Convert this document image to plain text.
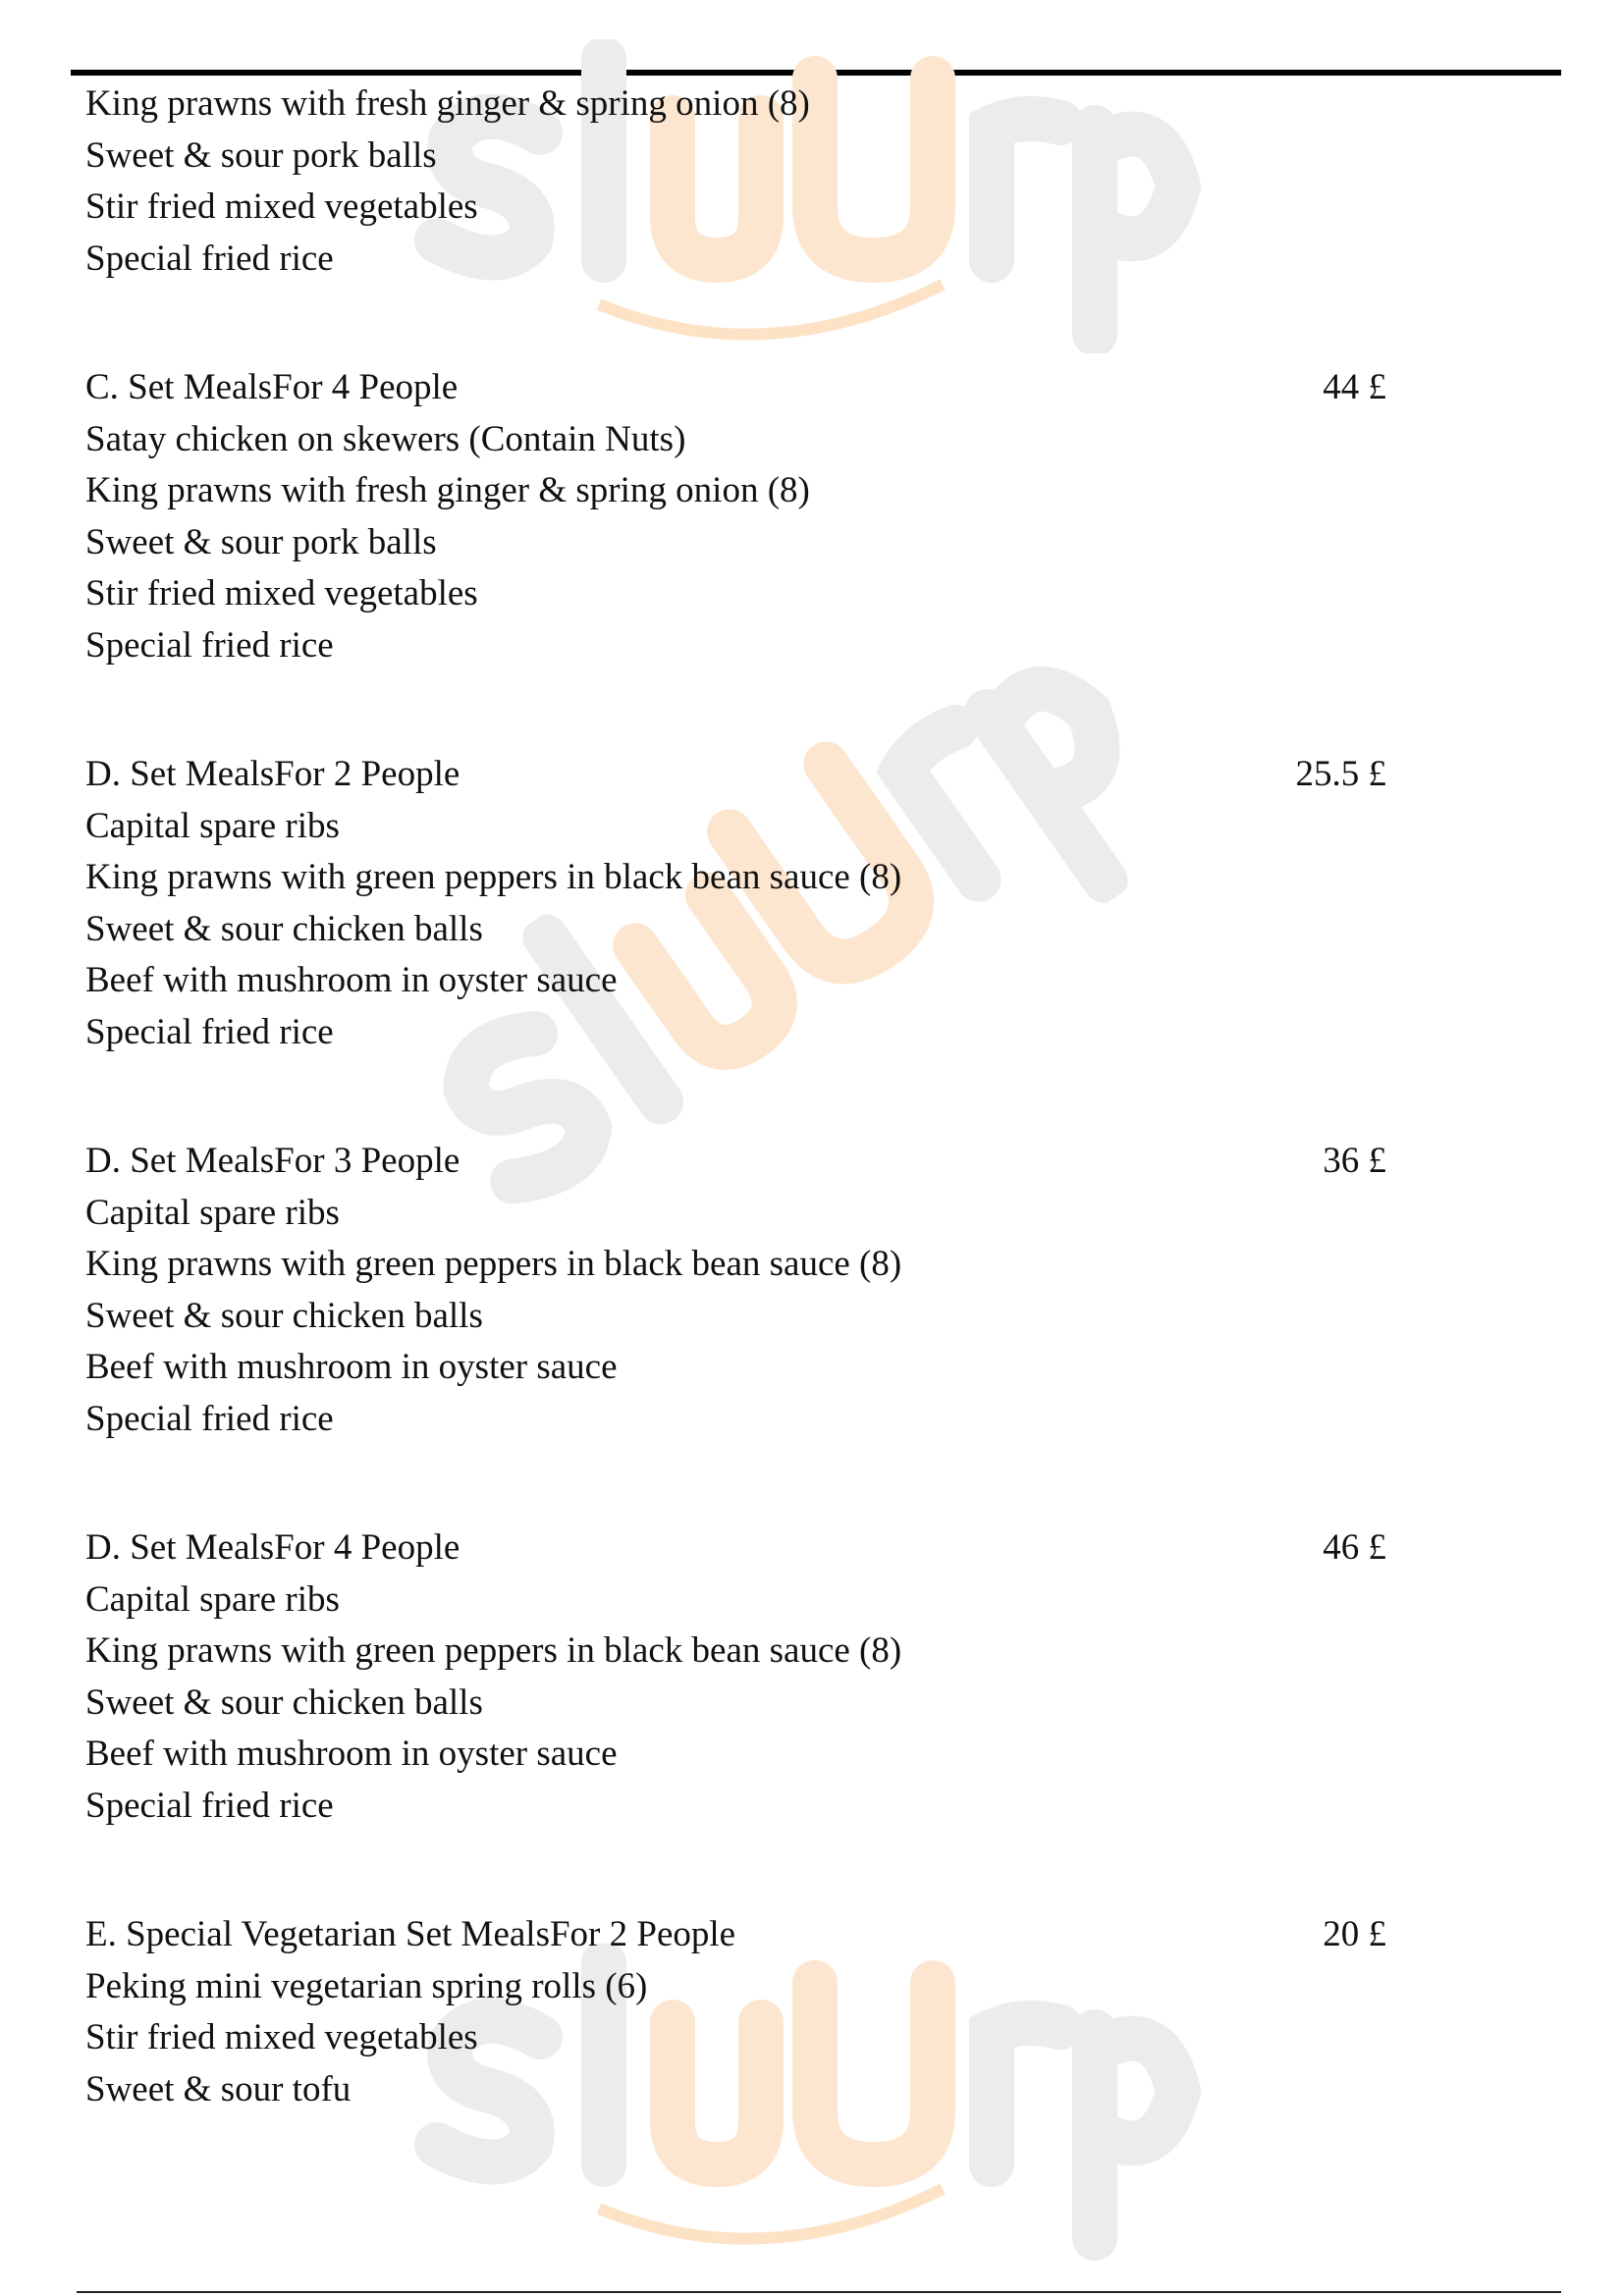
King prawns with fresh ginger & spring onion (8)
Sweet & sour pork balls
Stir fried mixed vegetables
Special fried rice
C. Set MealsFor 4 People	44 £
Satay chicken on skewers (Contain Nuts)
King prawns with fresh ginger & spring onion (8)
Sweet & sour pork balls
Stir fried mixed vegetables
Special fried rice
D. Set MealsFor 2 People	25.5 £
Capital spare ribs
King prawns with green peppers in black bean sauce (8)
Sweet & sour chicken balls
Beef with mushroom in oyster sauce
Special fried rice
D. Set MealsFor 3 People	36 £
Capital spare ribs
King prawns with green peppers in black bean sauce (8)
Sweet & sour chicken balls
Beef with mushroom in oyster sauce
Special fried rice
D. Set MealsFor 4 People	46 £
Capital spare ribs
King prawns with green peppers in black bean sauce (8)
Sweet & sour chicken balls
Beef with mushroom in oyster sauce
Special fried rice
E. Special Vegetarian Set MealsFor 2 People	20 £
Peking mini vegetarian spring rolls (6)
Stir fried mixed vegetables
Sweet & sour tofu
